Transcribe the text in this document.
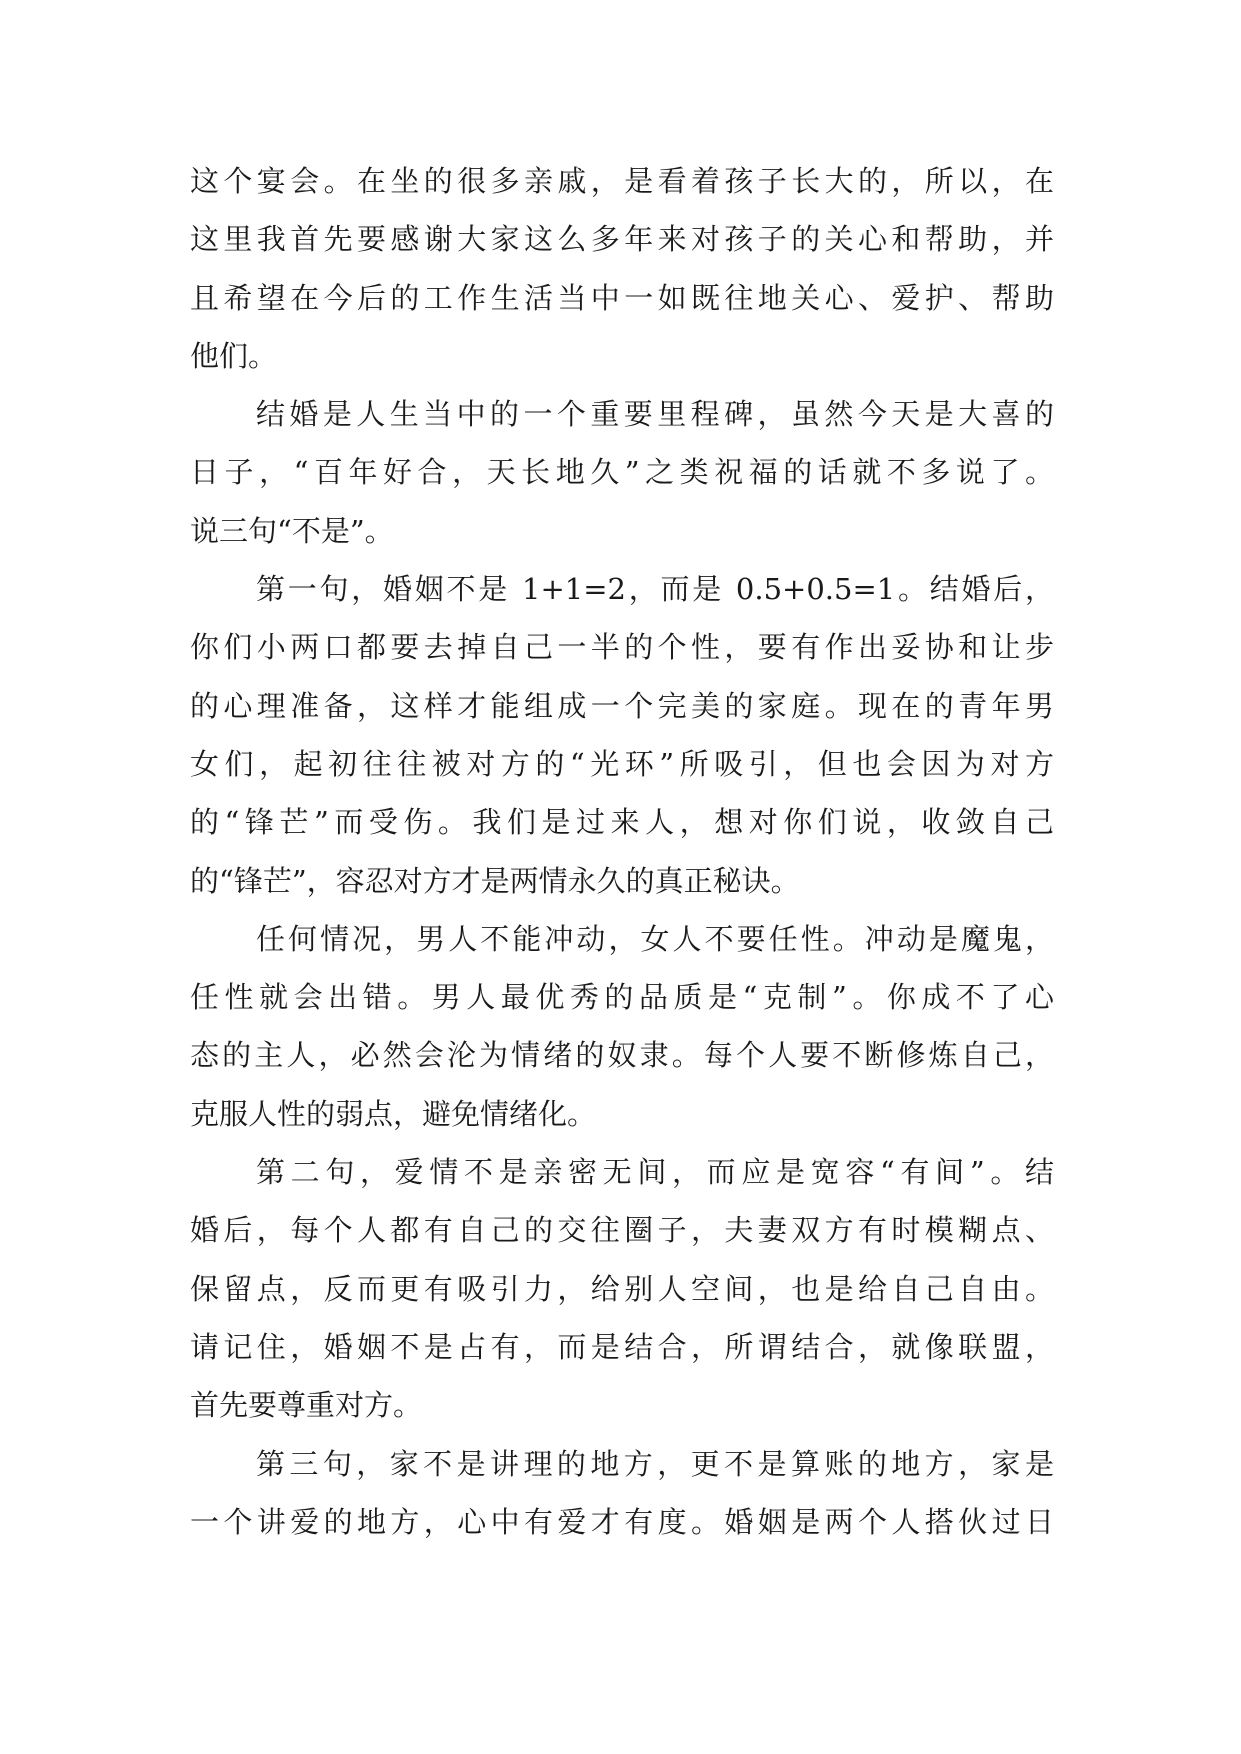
这个宴会。在坐的很多亲戚，是看着孩子长大的，所以，在
这里我首先要感谢大家这么多年来对孩子的关心和帮助，并
且希望在今后的工作生活当中一如既往地关心、爱护、帮助
他们。
结婚是人生当中的一个重要里程碑，虽然今天是大喜的
日子，“百年好合，天长地久”之类祝福的话就不多说了。
说三句“不是”。
第一句，婚姻不是 1+1=2，而是 0.5+0.5=1。结婚后，
你们小两口都要去掉自己一半的个性，要有作出妥协和让步
的心理准备，这样才能组成一个完美的家庭。现在的青年男
女们，起初往往被对方的“光环”所吸引，但也会因为对方
的“锋芒”而受伤。我们是过来人，想对你们说，收敛自己
的“锋芒”，容忍对方才是两情永久的真正秘诀。
任何情况，男人不能冲动，女人不要任性。冲动是魔鬼，
任性就会出错。男人最优秀的品质是“克制”。你成不了心
态的主人，必然会沦为情绪的奴隶。每个人要不断修炼自己，
克服人性的弱点，避免情绪化。
第二句，爱情不是亲密无间，而应是宽容“有间”。结
婚后，每个人都有自己的交往圈子，夫妻双方有时模糊点、
保留点，反而更有吸引力，给别人空间，也是给自己自由。
请记住，婚姻不是占有，而是结合，所谓结合，就像联盟，
首先要尊重对方。
第三句，家不是讲理的地方，更不是算账的地方，家是
一个讲爱的地方，心中有爱才有度。婚姻是两个人搭伙过日
